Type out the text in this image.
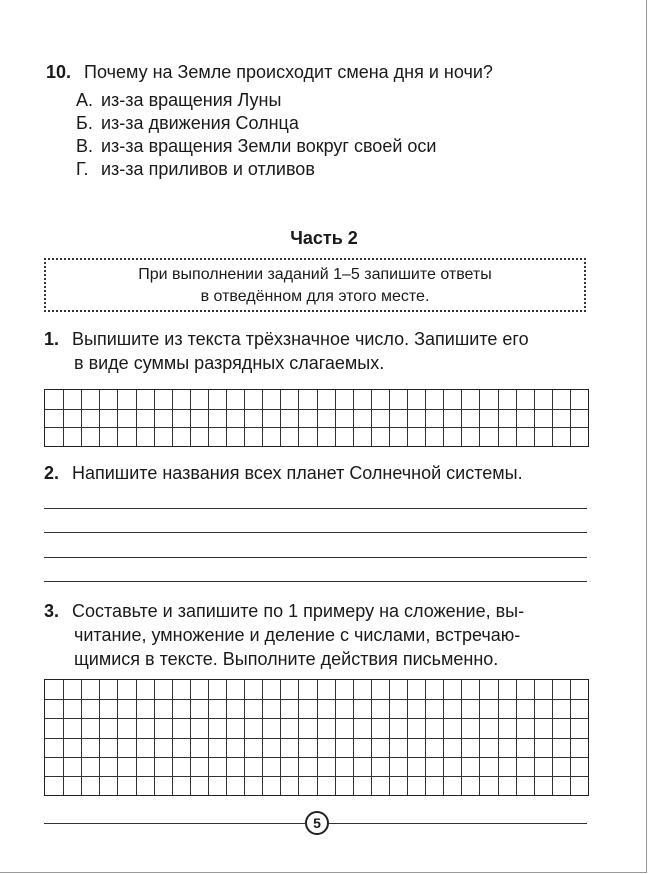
10. Почему на Земле происходит смена дня и ночи?
А. из-за вращения Луны
Б. из-за движения Солнца
В. из-за вращения Земли вокруг своей оси
Г. из-за приливов и отливов
Часть 2
При выполнении заданий 1–5 запишите ответы
в отведённом для этого месте.
1. Выпишите из текста трёхзначное число. Запишите его
в виде суммы разрядных слагаемых.
2. Напишите названия всех планет Солнечной системы.
3. Составьте и запишите по 1 примеру на сложение, вы-
читание, умножение и деление с числами, встречаю-
щимися в тексте. Выполните действия письменно.
5
